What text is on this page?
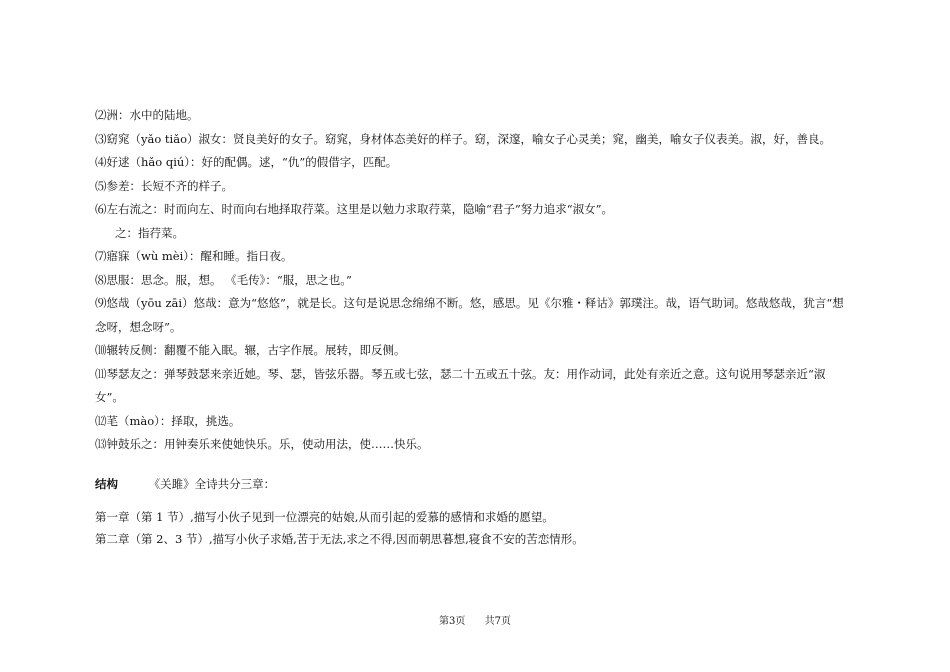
⑵洲：水中的陆地。
⑶窈窕（yǎo tiǎo）淑女：贤良美好的女子。窈窕，身材体态美好的样子。窈，深邃，喻女子心灵美；窕，幽美，喻女子仪表美。淑，好，善良。
⑷好逑（hǎo qiú）：好的配偶。逑，“仇”的假借字，匹配。
⑸参差：长短不齐的样子。
⑹左右流之：时而向左、时而向右地择取荇菜。这里是以勉力求取荇菜，隐喻“君子”努力追求“淑女”。
之：指荇菜。
⑺寤寐（wù mèi）：醒和睡。指日夜。
⑻思服：思念。服，想。 《毛传》：“服，思之也。”
⑼悠哉（yōu zāi）悠哉：意为“悠悠”，就是长。这句是说思念绵绵不断。悠，感思。见《尔雅・释诂》郭璞注。哉，语气助词。悠哉悠哉，犹言“想念呀，想念呀”。
⑽辗转反侧：翻覆不能入眠。辗，古字作展。展转，即反侧。
⑾琴瑟友之：弹琴鼓瑟来亲近她。琴、瑟，皆弦乐器。琴五或七弦，瑟二十五或五十弦。友：用作动词，此处有亲近之意。这句说用琴瑟亲近“淑女”。
⑿芼（mào）：择取，挑选。
⒀钟鼓乐之：用钟奏乐来使她快乐。乐，使动用法，使……快乐。
结构	《关雎》全诗共分三章：
第一章（第 1 节）,描写小伙子见到一位漂亮的姑娘,从而引起的爱慕的感情和求婚的愿望。
第二章（第 2、3 节）,描写小伙子求婚,苦于无法,求之不得,因而朝思暮想,寝食不安的苦恋情形。
第3页 共7页
